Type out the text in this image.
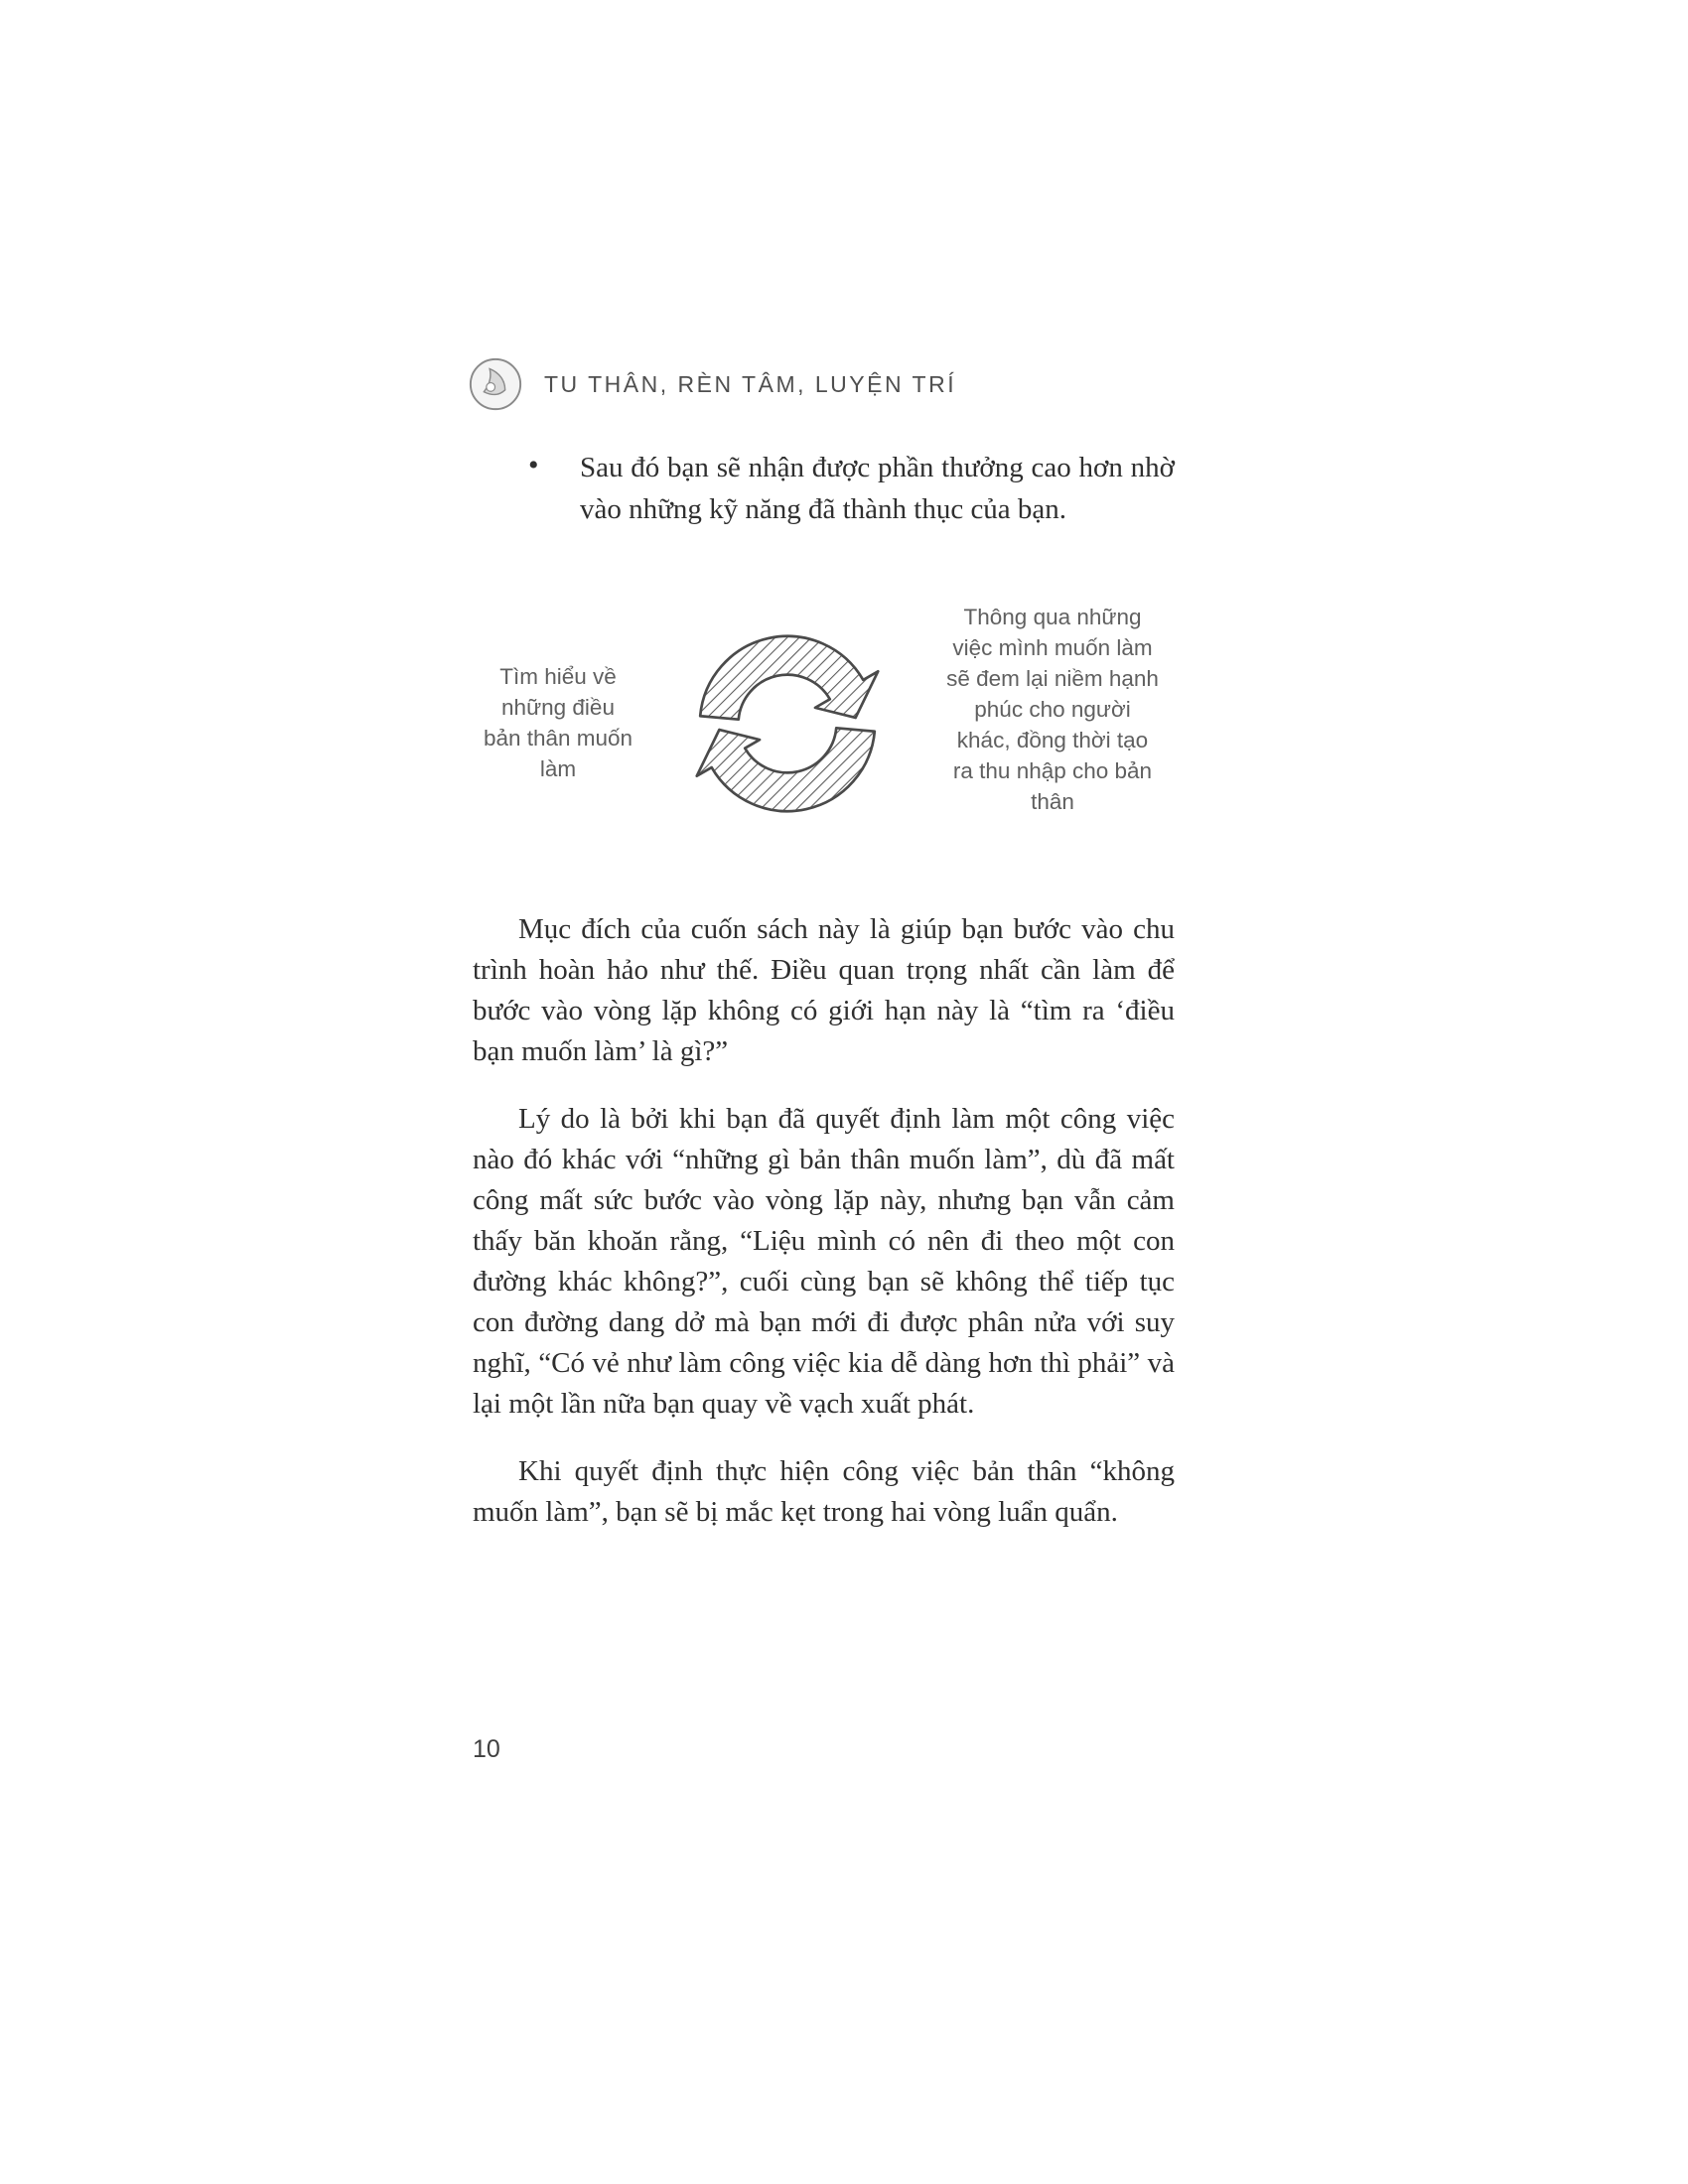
TU THÂN, RÈN TÂM, LUYỆN TRÍ
• Sau đó bạn sẽ nhận được phần thưởng cao hơn nhờ vào những kỹ năng đã thành thục của bạn.

Tìm hiểu về những điều bản thân muốn làm
Thông qua những việc mình muốn làm sẽ đem lại niềm hạnh phúc cho người khác, đồng thời tạo ra thu nhập cho bản thân

Mục đích của cuốn sách này là giúp bạn bước vào chu trình hoàn hảo như thế. Điều quan trọng nhất cần làm để bước vào vòng lặp không có giới hạn này là “tìm ra ‘điều bạn muốn làm’ là gì?”

Lý do là bởi khi bạn đã quyết định làm một công việc nào đó khác với “những gì bản thân muốn làm”, dù đã mất công mất sức bước vào vòng lặp này, nhưng bạn vẫn cảm thấy băn khoăn rằng, “Liệu mình có nên đi theo một con đường khác không?”, cuối cùng bạn sẽ không thể tiếp tục con đường dang dở mà bạn mới đi được phân nửa với suy nghĩ, “Có vẻ như làm công việc kia dễ dàng hơn thì phải” và lại một lần nữa bạn quay về vạch xuất phát.

Khi quyết định thực hiện công việc bản thân “không muốn làm”, bạn sẽ bị mắc kẹt trong hai vòng luẩn quẩn.

10
